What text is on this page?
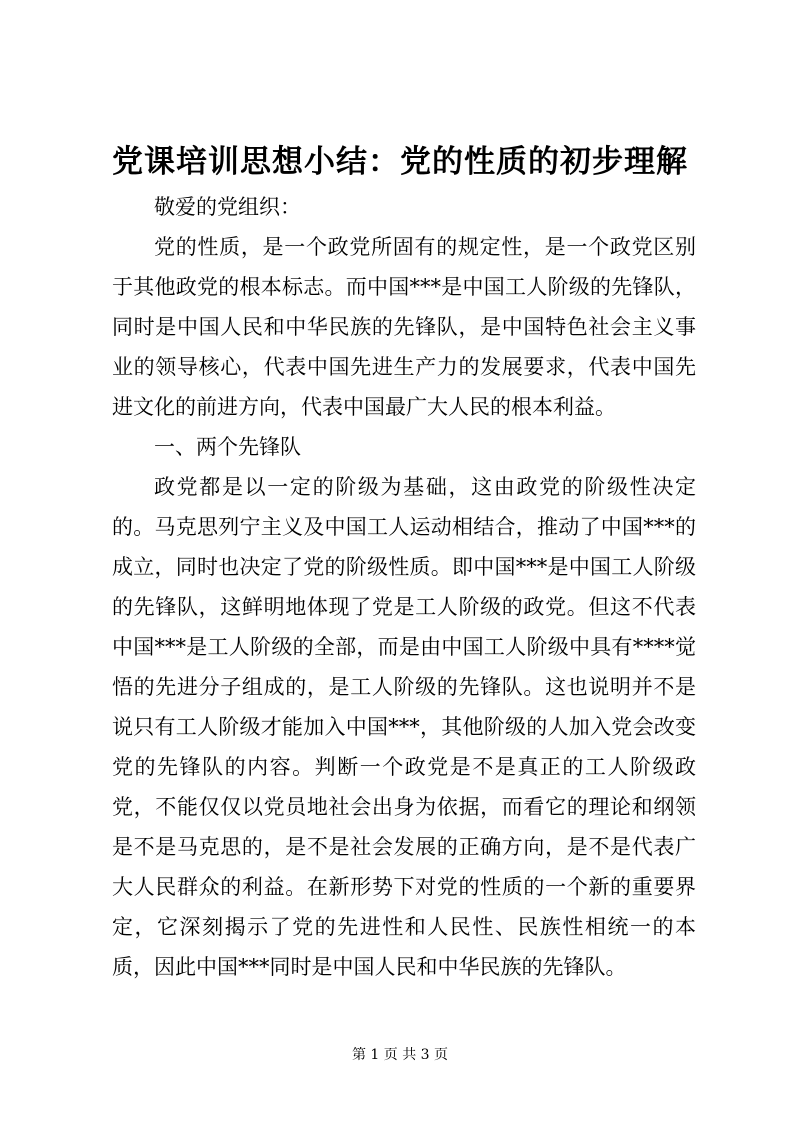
党课培训思想小结：党的性质的初步理解

敬爱的党组织：

党的性质，是一个政党所固有的规定性，是一个政党区别于其他政党的根本标志。而中国***是中国工人阶级的先锋队，同时是中国人民和中华民族的先锋队，是中国特色社会主义事业的领导核心，代表中国先进生产力的发展要求，代表中国先进文化的前进方向，代表中国最广大人民的根本利益。

一、两个先锋队

政党都是以一定的阶级为基础，这由政党的阶级性决定的。马克思列宁主义及中国工人运动相结合，推动了中国***的成立，同时也决定了党的阶级性质。即中国***是中国工人阶级的先锋队，这鲜明地体现了党是工人阶级的政党。但这不代表中国***是工人阶级的全部，而是由中国工人阶级中具有****觉悟的先进分子组成的，是工人阶级的先锋队。这也说明并不是说只有工人阶级才能加入中国***，其他阶级的人加入党会改变党的先锋队的内容。判断一个政党是不是真正的工人阶级政党，不能仅仅以党员地社会出身为依据，而看它的理论和纲领是不是马克思的，是不是社会发展的正确方向，是不是代表广大人民群众的利益。在新形势下对党的性质的一个新的重要界定，它深刻揭示了党的先进性和人民性、民族性相统一的本质，因此中国***同时是中国人民和中华民族的先锋队。

第 1 页 共 3 页
